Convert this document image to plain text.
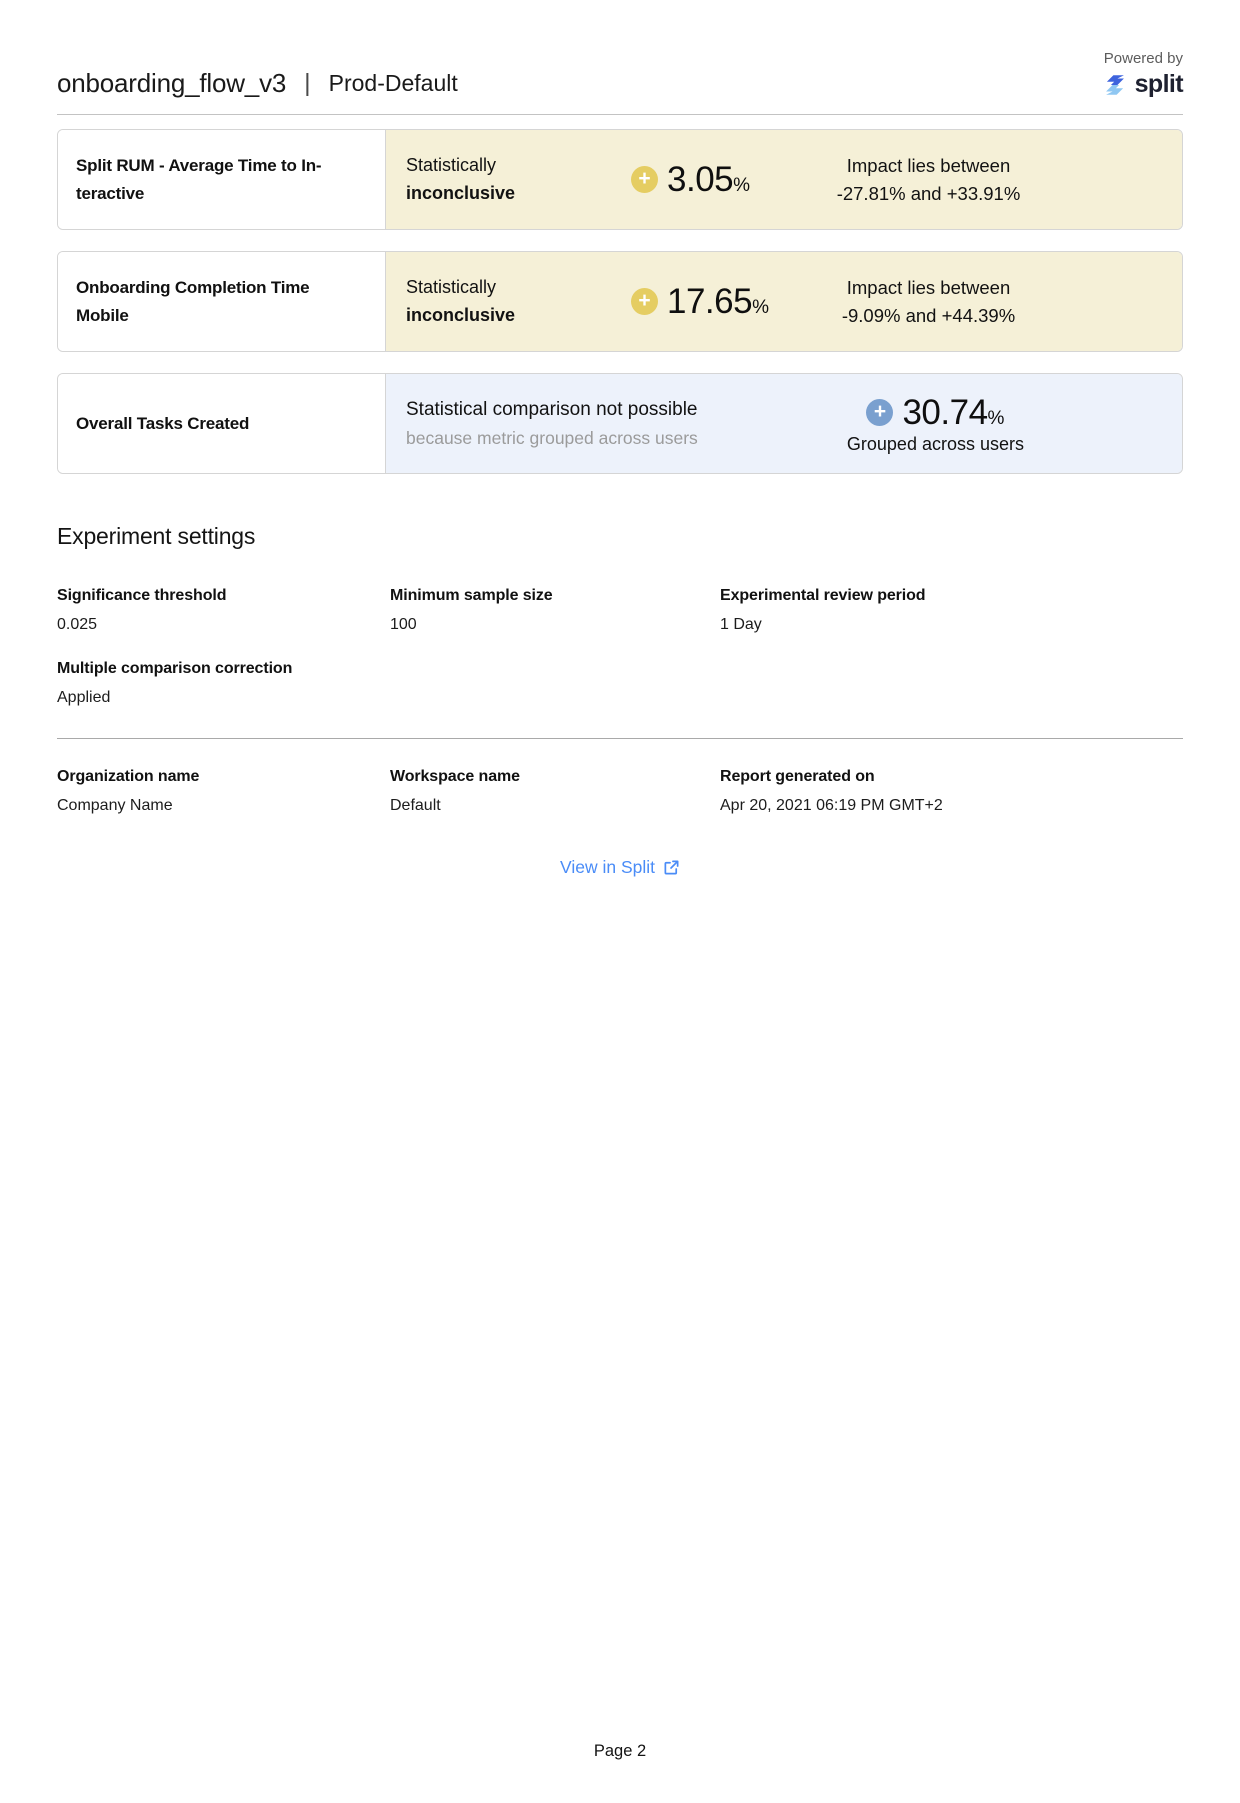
onboarding_flow_v3 | Prod-Default
Powered by
split
Split RUM - Average Time to In-
teractive
Statistically
inconclusive
+ 3.05%
Impact lies between
-27.81% and +33.91%
Onboarding Completion Time
Mobile
Statistically
inconclusive
+ 17.65%
Impact lies between
-9.09% and +44.39%
Overall Tasks Created
Statistical comparison not possible
because metric grouped across users
+ 30.74%
Grouped across users
Experiment settings
Significance threshold
0.025
Minimum sample size
100
Experimental review period
1 Day
Multiple comparison correction
Applied
Organization name
Company Name
Workspace name
Default
Report generated on
Apr 20, 2021 06:19 PM GMT+2
View in Split
Page 2
